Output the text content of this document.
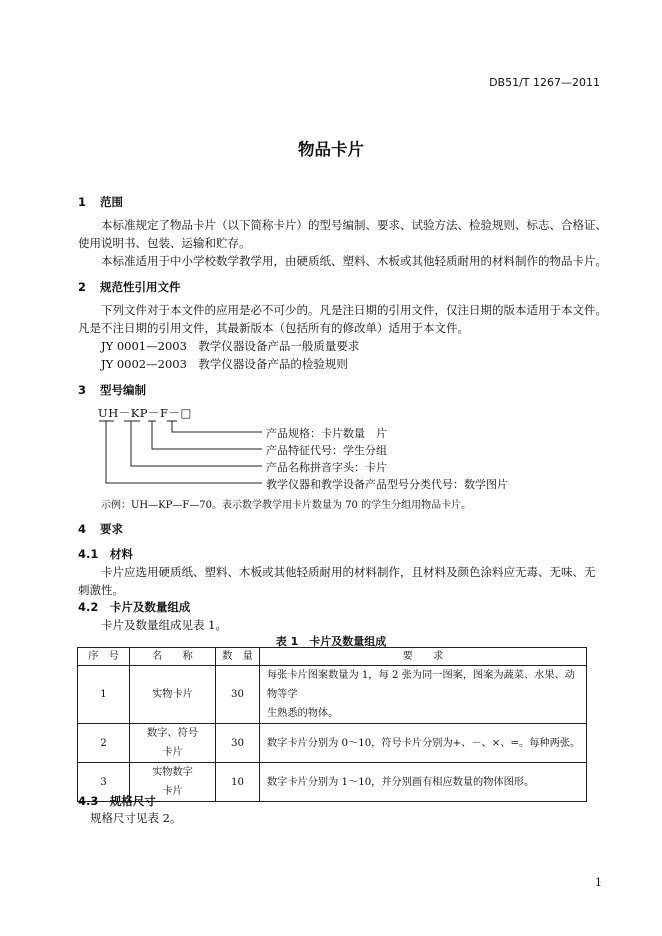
DB51/T 1267—2011
物品卡片
1 范围
本标准规定了物品卡片（以下简称卡片）的型号编制、要求、试验方法、检验规则、标志、合格证、
使用说明书、包装、运输和贮存。
本标准适用于中小学校数学教学用，由硬质纸、塑料、木板或其他轻质耐用的材料制作的物品卡片。
2 规范性引用文件
下列文件对于本文件的应用是必不可少的。凡是注日期的引用文件，仅注日期的版本适用于本文件。
凡是不注日期的引用文件，其最新版本（包括所有的修改单）适用于本文件。
JY 0001—2003　教学仪器设备产品一般质量要求
JY 0002—2003　教学仪器设备产品的检验规则
3 型号编制
UH－KP－F－□
产品规格：卡片数量　片
产品特征代号：学生分组
产品名称拼音字头：卡片
教学仪器和教学设备产品型号分类代号：数学图片
示例：UH—KP—F—70。表示数学教学用卡片数量为 70 的学生分组用物品卡片。
4 要求
4.1　 材料
卡片应选用硬质纸、塑料、木板或其他轻质耐用的材料制作，且材料及颜色涂料应无毒、无味、无
刺激性。
4.2　 卡片及数量组成
卡片及数量组成见表 1。
表 1　卡片及数量组成
序　号	名　　称	数　量	要　　求
1	实物卡片	30	每张卡片图案数量为 1，每 2 张为同一图案，图案为蔬菜、水果、动物等学
生熟悉的物体。

2	数字、符号
卡片	30	数字卡片分别为 0～10，符号卡片分别为+、－、×、=。每种两张。

3	实物数字
卡片	10	数字卡片分别为 1～10，并分别画有相应数量的物体图形。
4.3　 规格尺寸
规格尺寸见表 2。
1
